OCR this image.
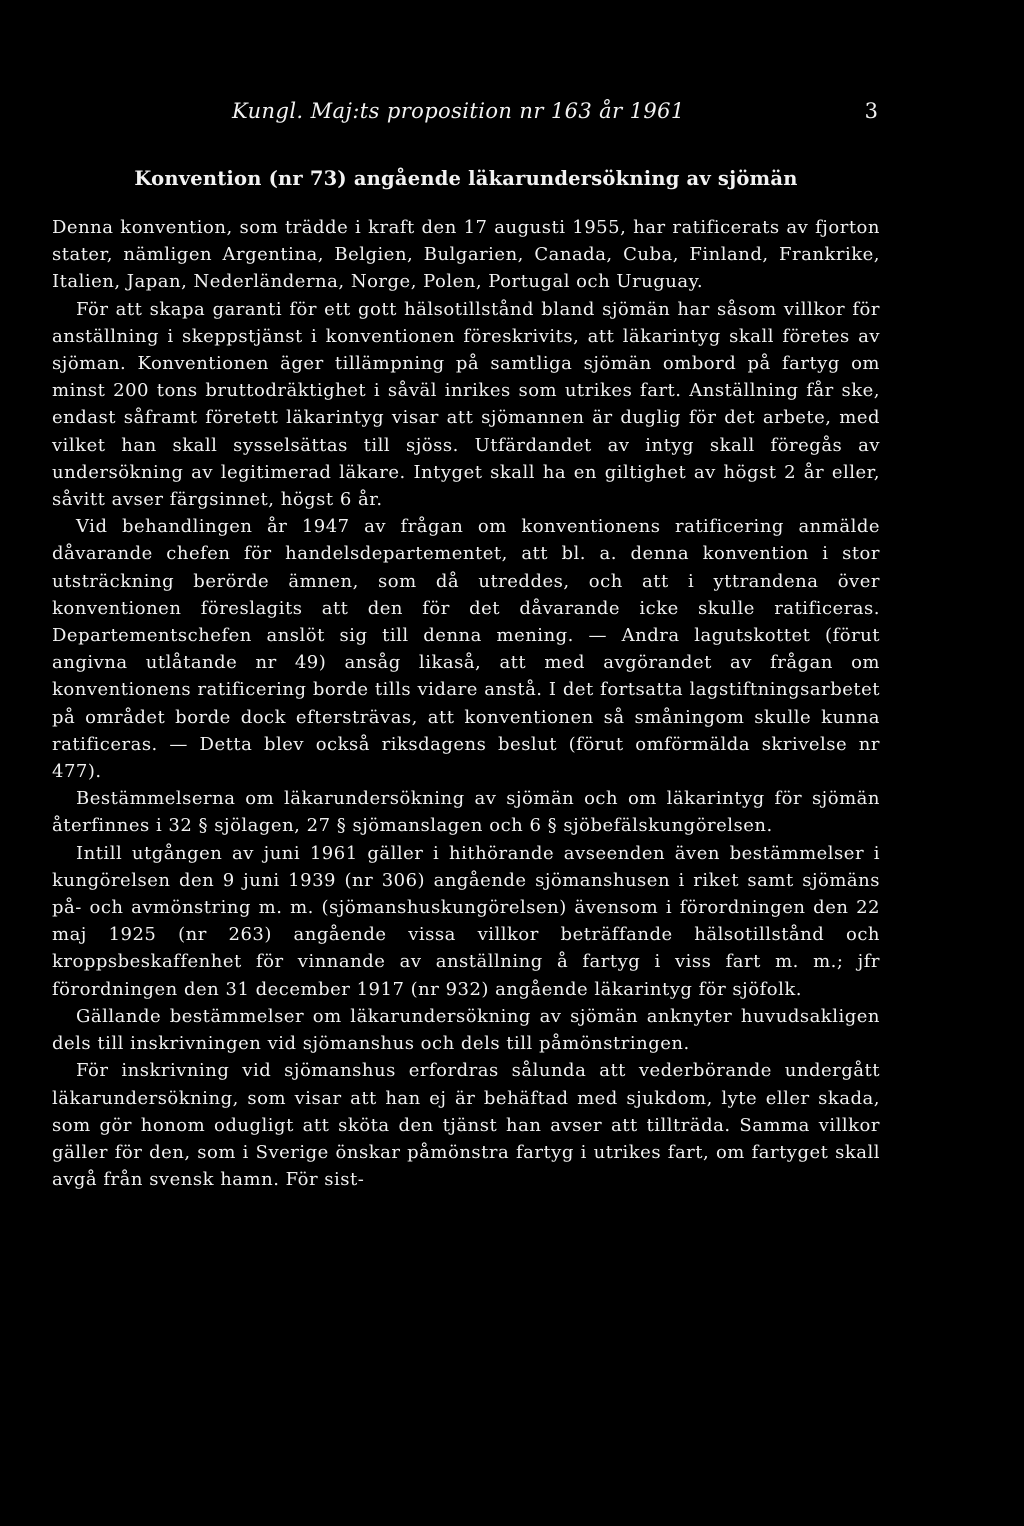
Kungl. Maj:ts proposition nr 163 år 1961	3
Konvention (nr 73) angående läkarundersökning av sjömän

Denna konvention, som trädde i kraft den 17 augusti 1955, har ratificerats av fjorton stater, nämligen Argentina, Belgien, Bulgarien, Canada, Cuba, Finland, Frankrike, Italien, Japan, Nederländerna, Norge, Polen, Portugal och Uruguay.

För att skapa garanti för ett gott hälsotillstånd bland sjömän har såsom villkor för anställning i skeppstjänst i konventionen föreskrivits, att läkarintyg skall företes av sjöman. Konventionen äger tillämpning på samtliga sjömän ombord på fartyg om minst 200 tons bruttodräktighet i såväl inrikes som utrikes fart. Anställning får ske, endast såframt företett läkarintyg visar att sjömannen är duglig för det arbete, med vilket han skall sysselsättas till sjöss. Utfärdandet av intyg skall föregås av undersökning av legitimerad läkare. Intyget skall ha en giltighet av högst 2 år eller, såvitt avser färgsinnet, högst 6 år.

Vid behandlingen år 1947 av frågan om konventionens ratificering anmälde dåvarande chefen för handelsdepartementet, att bl. a. denna konvention i stor utsträckning berörde ämnen, som då utreddes, och att i yttrandena över konventionen föreslagits att den för det dåvarande icke skulle ratificeras. Departementschefen anslöt sig till denna mening. — Andra lagutskottet (förut angivna utlåtande nr 49) ansåg likaså, att med avgörandet av frågan om konventionens ratificering borde tills vidare anstå. I det fortsatta lagstiftningsarbetet på området borde dock eftersträvas, att konventionen så småningom skulle kunna ratificeras. — Detta blev också riksdagens beslut (förut omförmälda skrivelse nr 477).

Bestämmelserna om läkarundersökning av sjömän och om läkarintyg för sjömän återfinnes i 32 § sjölagen, 27 § sjömanslagen och 6 § sjöbefälskungörelsen.

Intill utgången av juni 1961 gäller i hithörande avseenden även bestämmelser i kungörelsen den 9 juni 1939 (nr 306) angående sjömanshusen i riket samt sjömäns på- och avmönstring m. m. (sjömanshuskungörelsen) ävensom i förordningen den 22 maj 1925 (nr 263) angående vissa villkor beträffande hälsotillstånd och kroppsbeskaffenhet för vinnande av anställning å fartyg i viss fart m. m.; jfr förordningen den 31 december 1917 (nr 932) angående läkarintyg för sjöfolk.

Gällande bestämmelser om läkarundersökning av sjömän anknyter huvudsakligen dels till inskrivningen vid sjömanshus och dels till påmönstringen.

För inskrivning vid sjömanshus erfordras sålunda att vederbörande undergått läkarundersökning, som visar att han ej är behäftad med sjukdom, lyte eller skada, som gör honom odugligt att sköta den tjänst han avser att tillträda. Samma villkor gäller för den, som i Sverige önskar påmönstra fartyg i utrikes fart, om fartyget skall avgå från svensk hamn. För sist-
